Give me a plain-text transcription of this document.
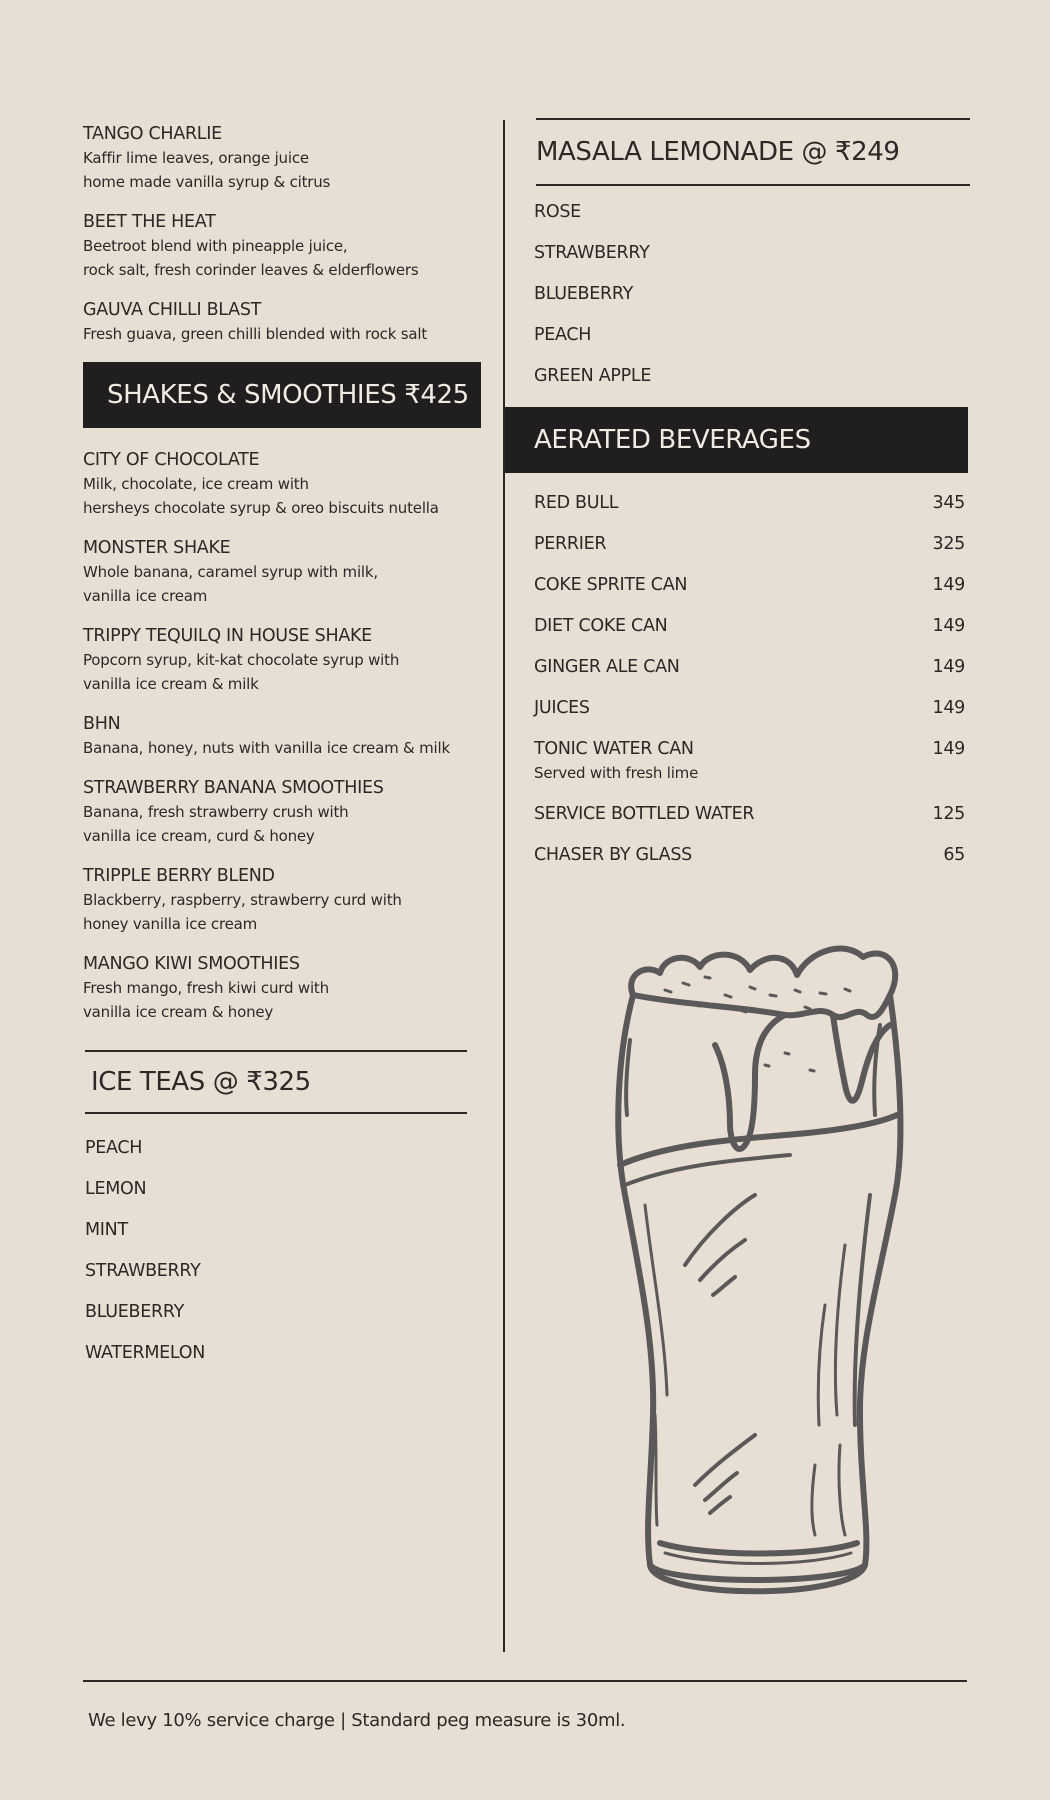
TANGO CHARLIE
Kaffir lime leaves, orange juice
home made vanilla syrup & citrus
BEET THE HEAT
Beetroot blend with pineapple juice,
rock salt, fresh corinder leaves & elderflowers
GAUVA CHILLI BLAST
Fresh guava, green chilli blended with rock salt
SHAKES & SMOOTHIES ₹425
CITY OF CHOCOLATE
Milk, chocolate, ice cream with
hersheys chocolate syrup & oreo biscuits nutella
MONSTER SHAKE
Whole banana, caramel syrup with milk,
vanilla ice cream
TRIPPY TEQUILQ IN HOUSE SHAKE
Popcorn syrup, kit-kat chocolate syrup with
vanilla ice cream & milk
BHN
Banana, honey, nuts with vanilla ice cream & milk
STRAWBERRY BANANA SMOOTHIES
Banana, fresh strawberry crush with
vanilla ice cream, curd & honey
TRIPPLE BERRY BLEND
Blackberry, raspberry, strawberry curd with
honey vanilla ice cream
MANGO KIWI SMOOTHIES
Fresh mango, fresh kiwi curd with
vanilla ice cream & honey
ICE TEAS @ ₹325
PEACH
LEMON
MINT
STRAWBERRY
BLUEBERRY
WATERMELON
MASALA LEMONADE @ ₹249
ROSE
STRAWBERRY
BLUEBERRY
PEACH
GREEN APPLE
AERATED BEVERAGES
RED BULL	345
PERRIER	325
COKE SPRITE CAN	149
DIET COKE CAN	149
GINGER ALE CAN	149
JUICES	149
TONIC WATER CAN	149
Served with fresh lime
SERVICE BOTTLED WATER	125
CHASER BY GLASS	65
We levy 10% service charge | Standard peg measure is 30ml.
